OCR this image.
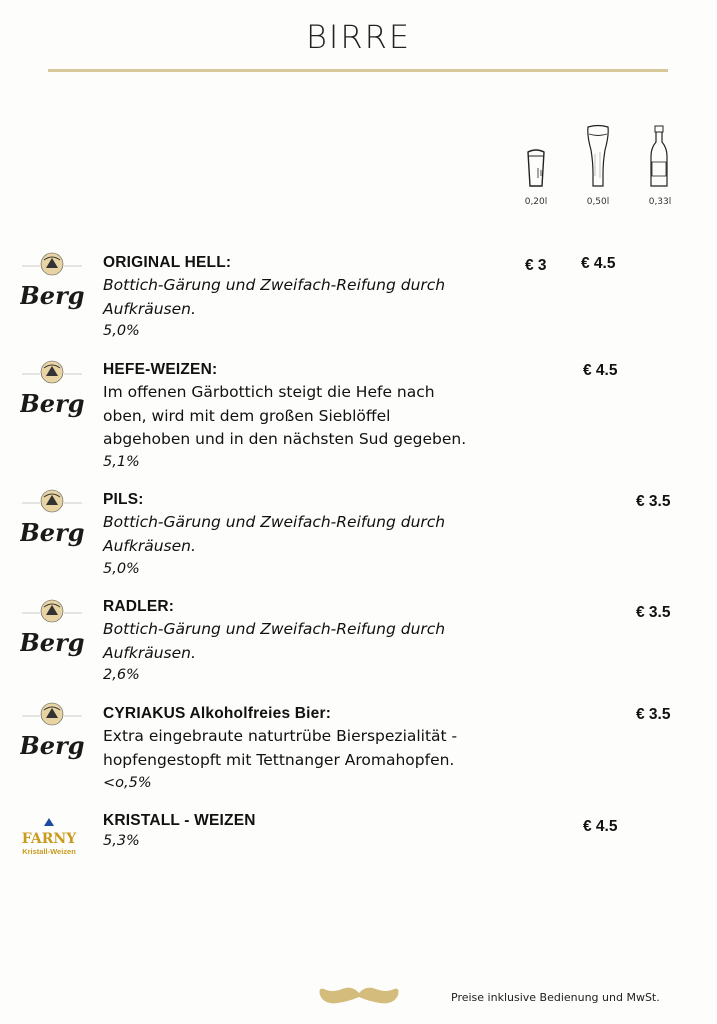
BIRRE
0,20l	0,50l	0,33l
Berg
ORIGINAL HELL:
Bottich-Gärung und Zweifach-Reifung durch
Aufkräusen.
5,0%
€ 3 € 4.5
Berg
HEFE-WEIZEN:
Im offenen Gärbottich steigt die Hefe nach
oben, wird mit dem großen Sieblöffel
abgehoben und in den nächsten Sud gegeben.
5,1%
€ 4.5
Berg
PILS:
Bottich-Gärung und Zweifach-Reifung durch
Aufkräusen.
5,0%
€ 3.5
Berg
RADLER:
Bottich-Gärung und Zweifach-Reifung durch
Aufkräusen.
2,6%
€ 3.5
Berg
CYRIAKUS Alkoholfreies Bier:
Extra eingebraute naturtrübe Bierspezialität -
hopfengestopft mit Tettnanger Aromahopfen.
<o,5%
€ 3.5
FARNY
Kristall-Weizen
KRISTALL - WEIZEN
5,3%
€ 4.5
Preise inklusive Bedienung und MwSt.
